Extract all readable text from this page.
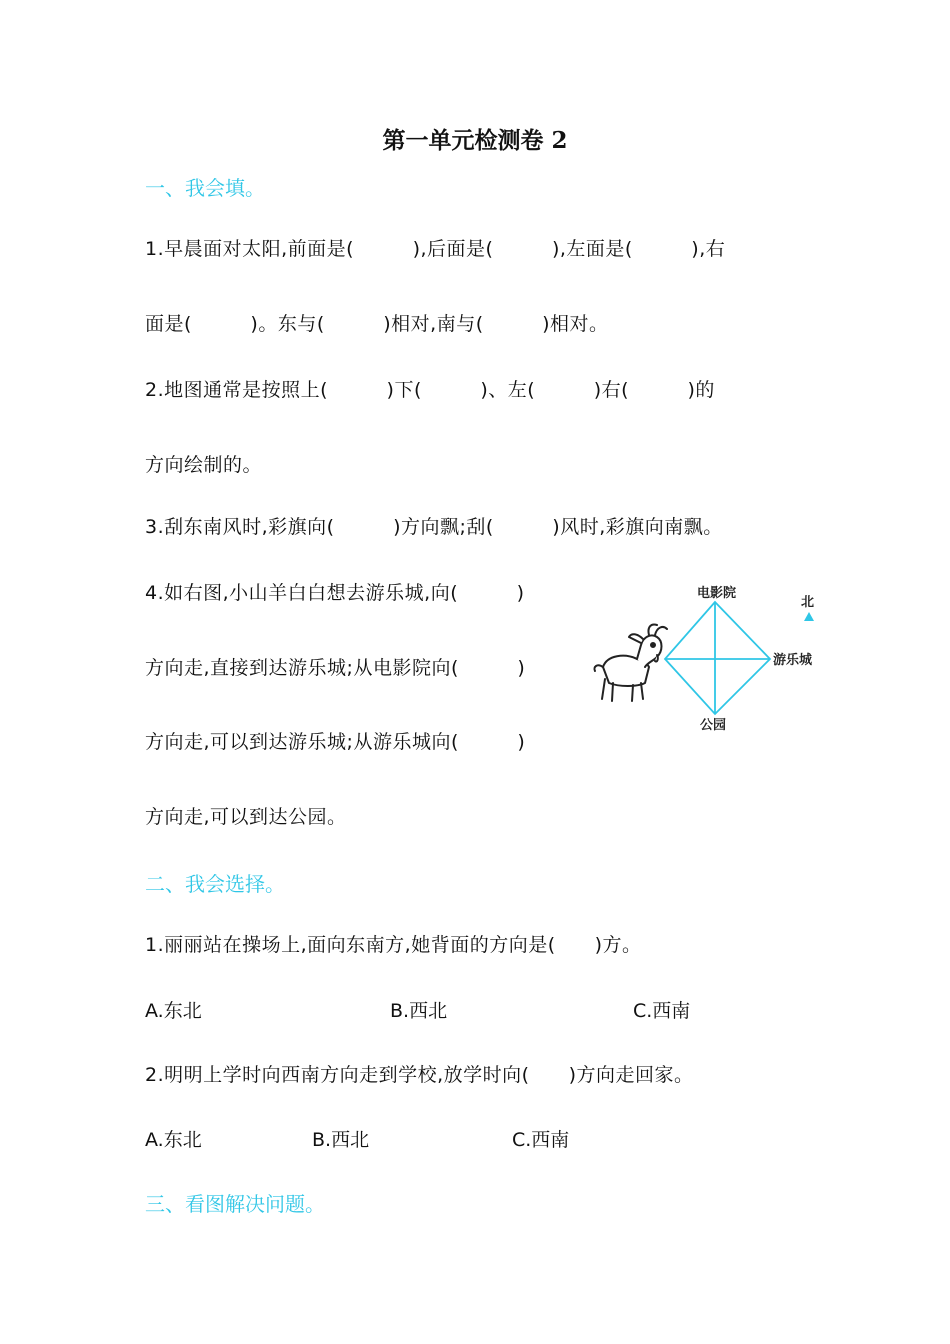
第一单元检测卷 2
一、我会填。
1.早晨面对太阳,前面是(　　　),后面是(　　　),左面是(　　　),右
面是(　　　)。东与(　　　)相对,南与(　　　)相对。
2.地图通常是按照上(　　　)下(　　　)、左(　　　)右(　　　)的
方向绘制的。
3.刮东南风时,彩旗向(　　　)方向飘;刮(　　　)风时,彩旗向南飘。
4.如右图,小山羊白白想去游乐城,向(　　　)
方向走,直接到达游乐城;从电影院向(　　　)
方向走,可以到达游乐城;从游乐城向(　　　)
方向走,可以到达公园。
电影院
游乐城
公园
北
二、我会选择。
1.丽丽站在操场上,面向东南方,她背面的方向是(　　)方。
A.东北	B.西北	C.西南
2.明明上学时向西南方向走到学校,放学时向(　　)方向走回家。
A.东北	B.西北	C.西南
三、看图解决问题。
